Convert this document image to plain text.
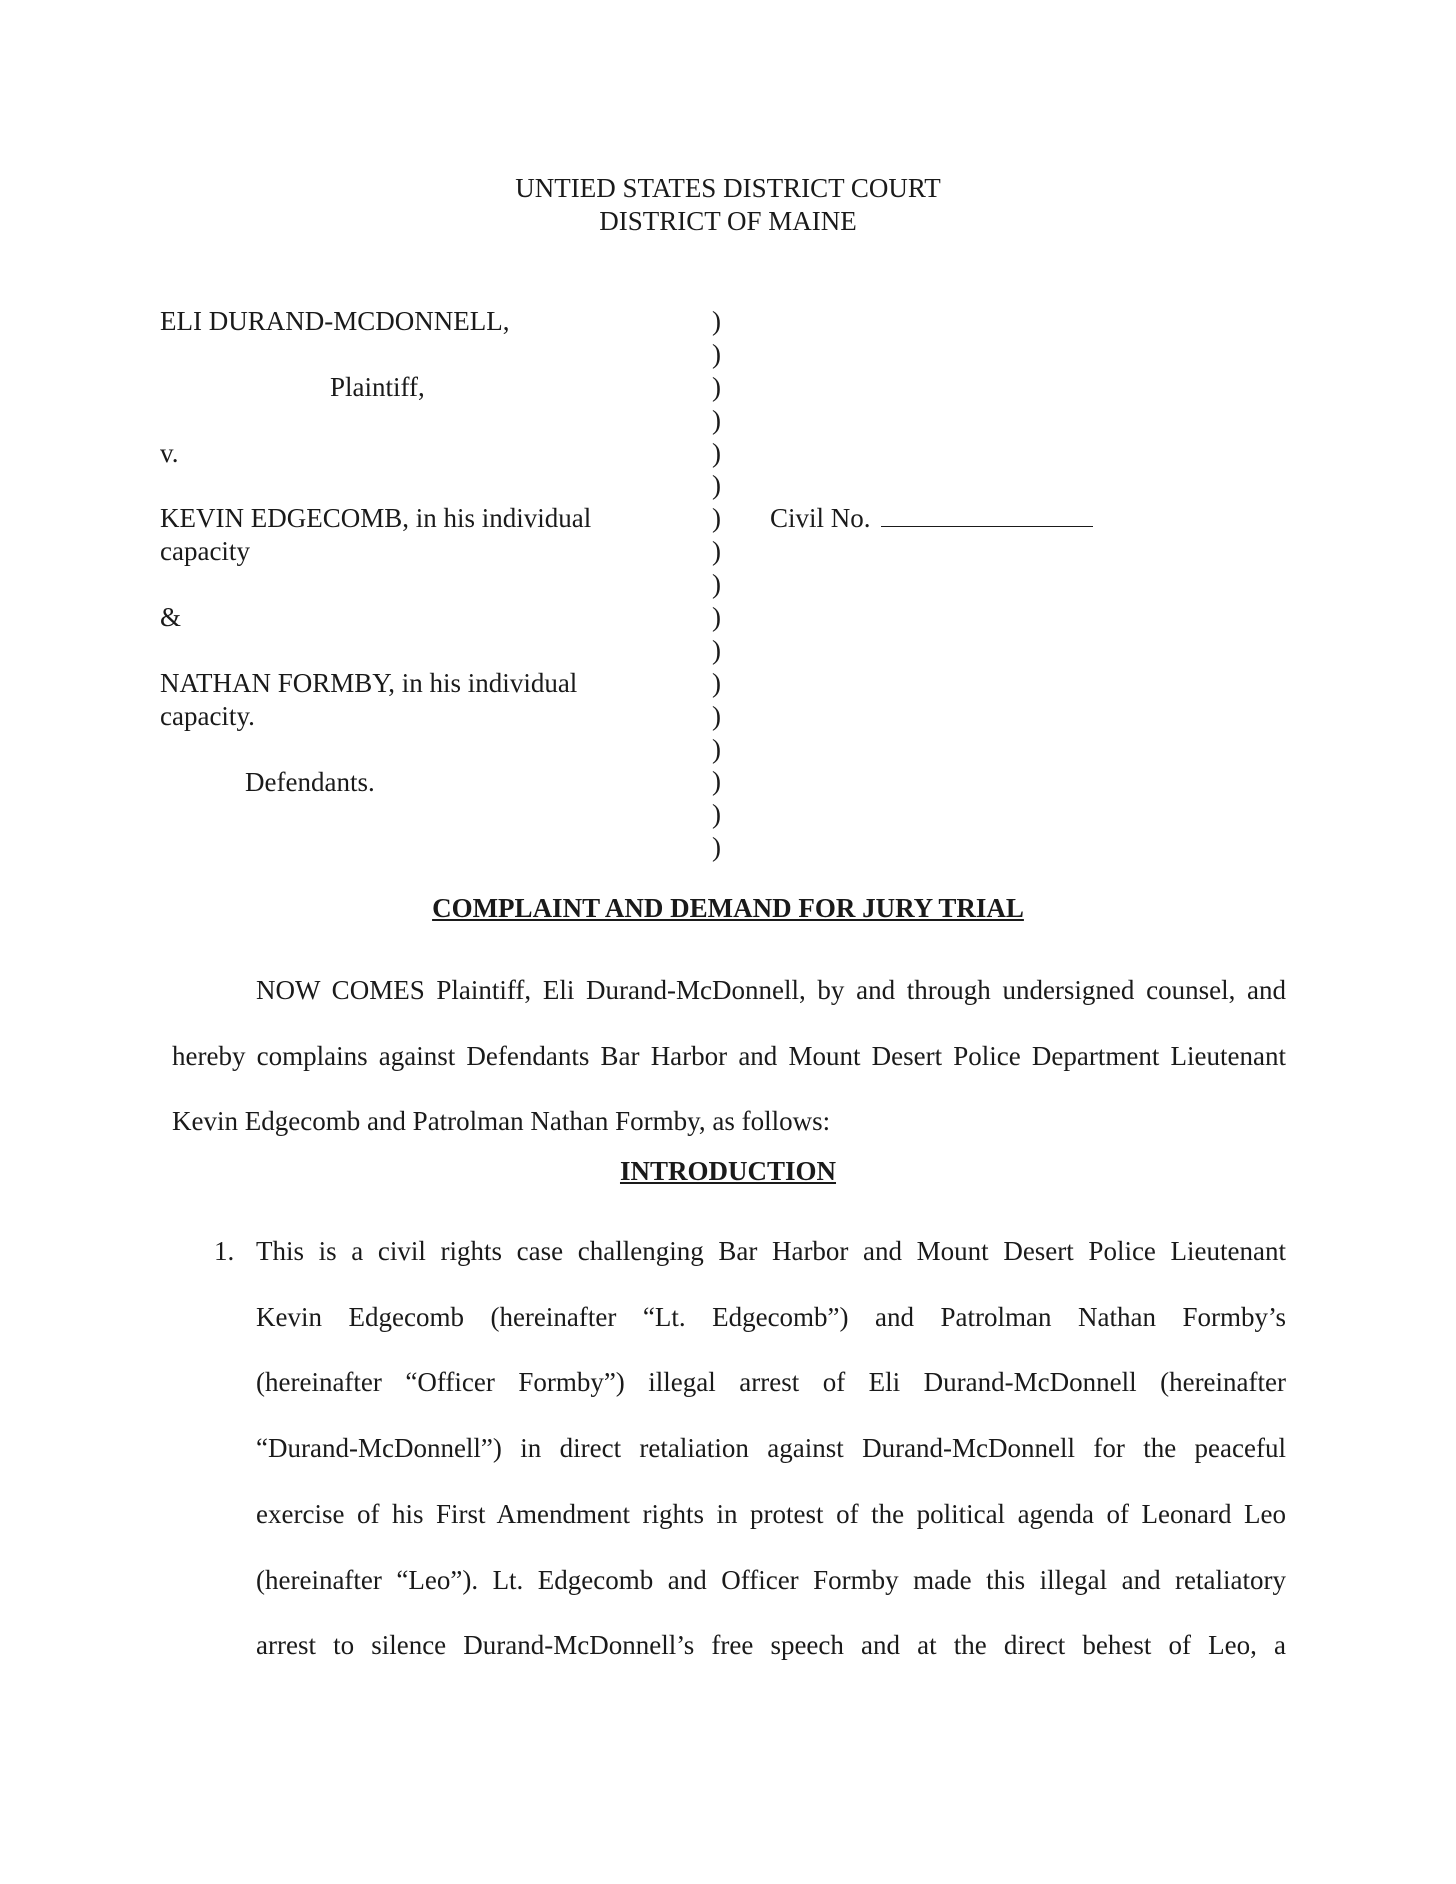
UNTIED STATES DISTRICT COURT
DISTRICT OF MAINE
ELI DURAND-MCDONNELL,
Plaintiff,
v.
KEVIN EDGECOMB, in his individual
capacity
&
NATHAN FORMBY, in his individual
capacity.
Defendants.
)
)
)
)
)
)
)
)
)
)
)
)
)
)
)
)
)
Civil No.
COMPLAINT AND DEMAND FOR JURY TRIAL
NOW COMES Plaintiff, Eli Durand-McDonnell, by and through undersigned counsel, and
hereby complains against Defendants Bar Harbor and Mount Desert Police Department Lieutenant
Kevin Edgecomb and Patrolman Nathan Formby, as follows:
INTRODUCTION
1. This is a civil rights case challenging Bar Harbor and Mount Desert Police Lieutenant
Kevin Edgecomb (hereinafter “Lt. Edgecomb”) and Patrolman Nathan Formby’s
(hereinafter “Officer Formby”) illegal arrest of Eli Durand-McDonnell (hereinafter
“Durand-McDonnell”) in direct retaliation against Durand-McDonnell for the peaceful
exercise of his First Amendment rights in protest of the political agenda of Leonard Leo
(hereinafter “Leo”). Lt. Edgecomb and Officer Formby made this illegal and retaliatory
arrest to silence Durand-McDonnell’s free speech and at the direct behest of Leo, a
